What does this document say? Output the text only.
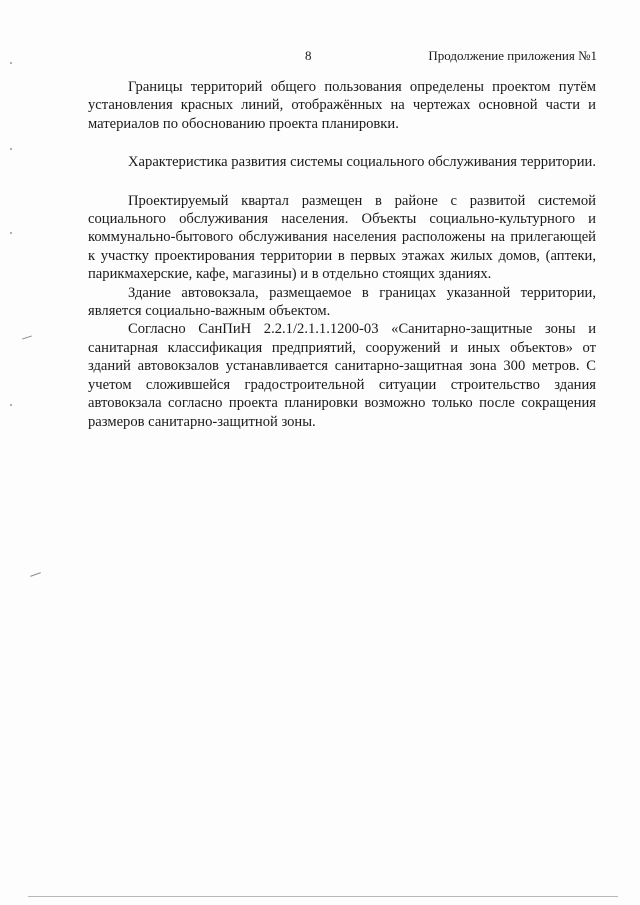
8	Продолжение приложения №1

Границы территорий общего пользования определены проектом путём установления красных линий, отображённых на чертежах основной части и материалов по обоснованию проекта планировки.

Характеристика развития системы социального обслуживания территории.

Проектируемый квартал размещен в районе с развитой системой социального обслуживания населения. Объекты социально-культурного и коммунально-бытового обслуживания населения расположены на прилегающей к участку проектирования территории в первых этажах жилых домов, (аптеки, парикмахерские, кафе, магазины) и в отдельно стоящих зданиях.

Здание автовокзала, размещаемое в границах указанной территории, является социально-важным объектом.

Согласно СанПиН 2.2.1/2.1.1.1200-03 «Санитарно-защитные зоны и санитарная классификация предприятий, сооружений и иных объектов» от зданий автовокзалов устанавливается санитарно-защитная зона 300 метров. С учетом сложившейся градостроительной ситуации строительство здания автовокзала согласно проекта планировки возможно только после сокращения размеров санитарно-защитной зоны.
